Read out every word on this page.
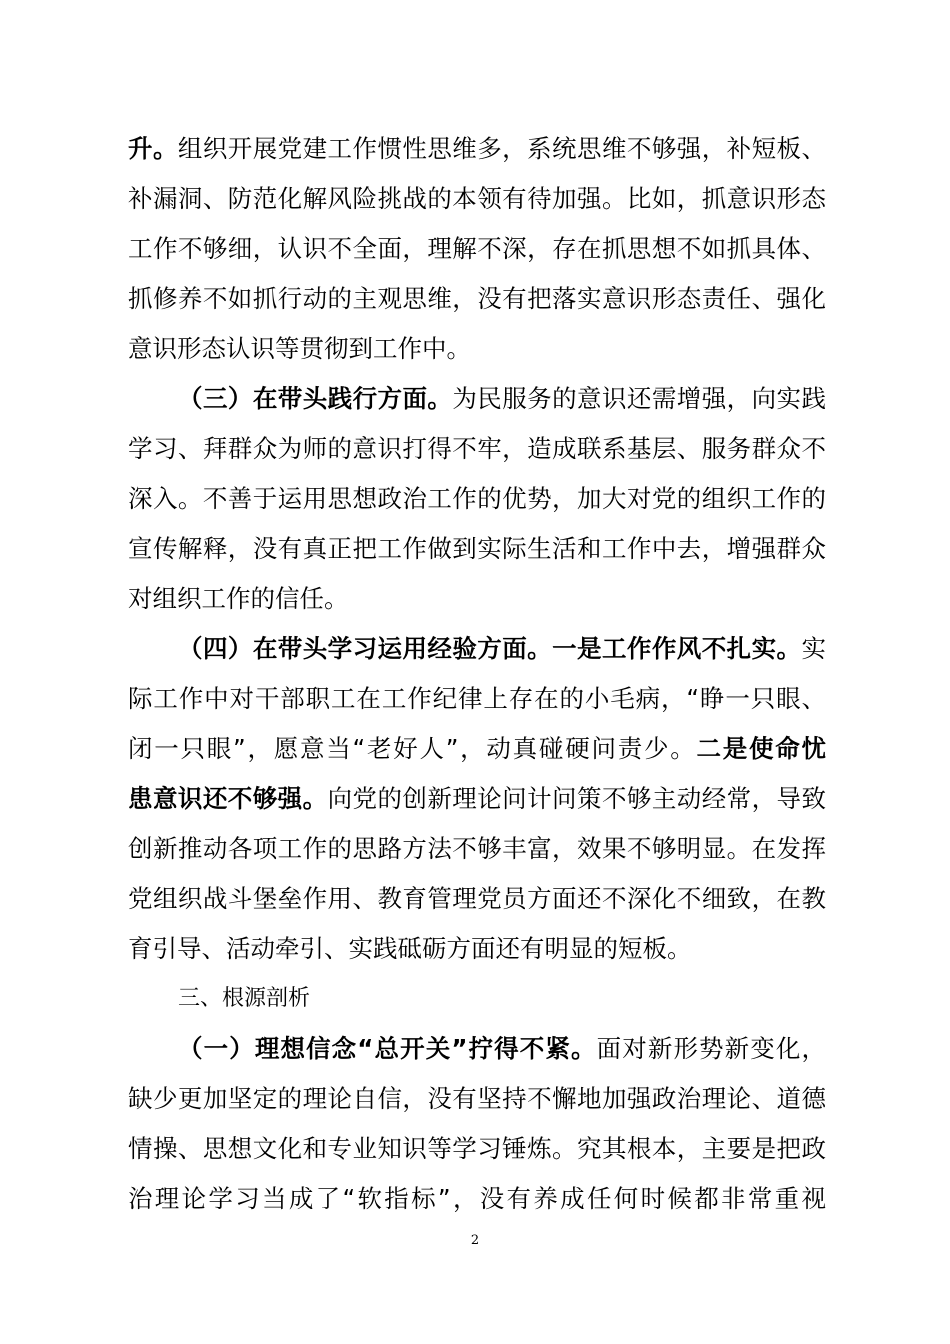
升。组织开展党建工作惯性思维多，系统思维不够强，补短板、
补漏洞、防范化解风险挑战的本领有待加强。比如，抓意识形态
工作不够细，认识不全面，理解不深，存在抓思想不如抓具体、
抓修养不如抓行动的主观思维，没有把落实意识形态责任、强化
意识形态认识等贯彻到工作中。
（三）在带头践行方面。为民服务的意识还需增强，向实践
学习、拜群众为师的意识打得不牢，造成联系基层、服务群众不
深入。不善于运用思想政治工作的优势，加大对党的组织工作的
宣传解释，没有真正把工作做到实际生活和工作中去，增强群众
对组织工作的信任。
（四）在带头学习运用经验方面。一是工作作风不扎实。实
际工作中对干部职工在工作纪律上存在的小毛病，“睁一只眼、
闭一只眼”，愿意当“老好人”，动真碰硬问责少。二是使命忧
患意识还不够强。向党的创新理论问计问策不够主动经常，导致
创新推动各项工作的思路方法不够丰富，效果不够明显。在发挥
党组织战斗堡垒作用、教育管理党员方面还不深化不细致，在教
育引导、活动牵引、实践砥砺方面还有明显的短板。
三、根源剖析
（一）理想信念“总开关”拧得不紧。面对新形势新变化，
缺少更加坚定的理论自信，没有坚持不懈地加强政治理论、道德
情操、思想文化和专业知识等学习锤炼。究其根本，主要是把政
治理论学习当成了“软指标”，没有养成任何时候都非常重视
2
